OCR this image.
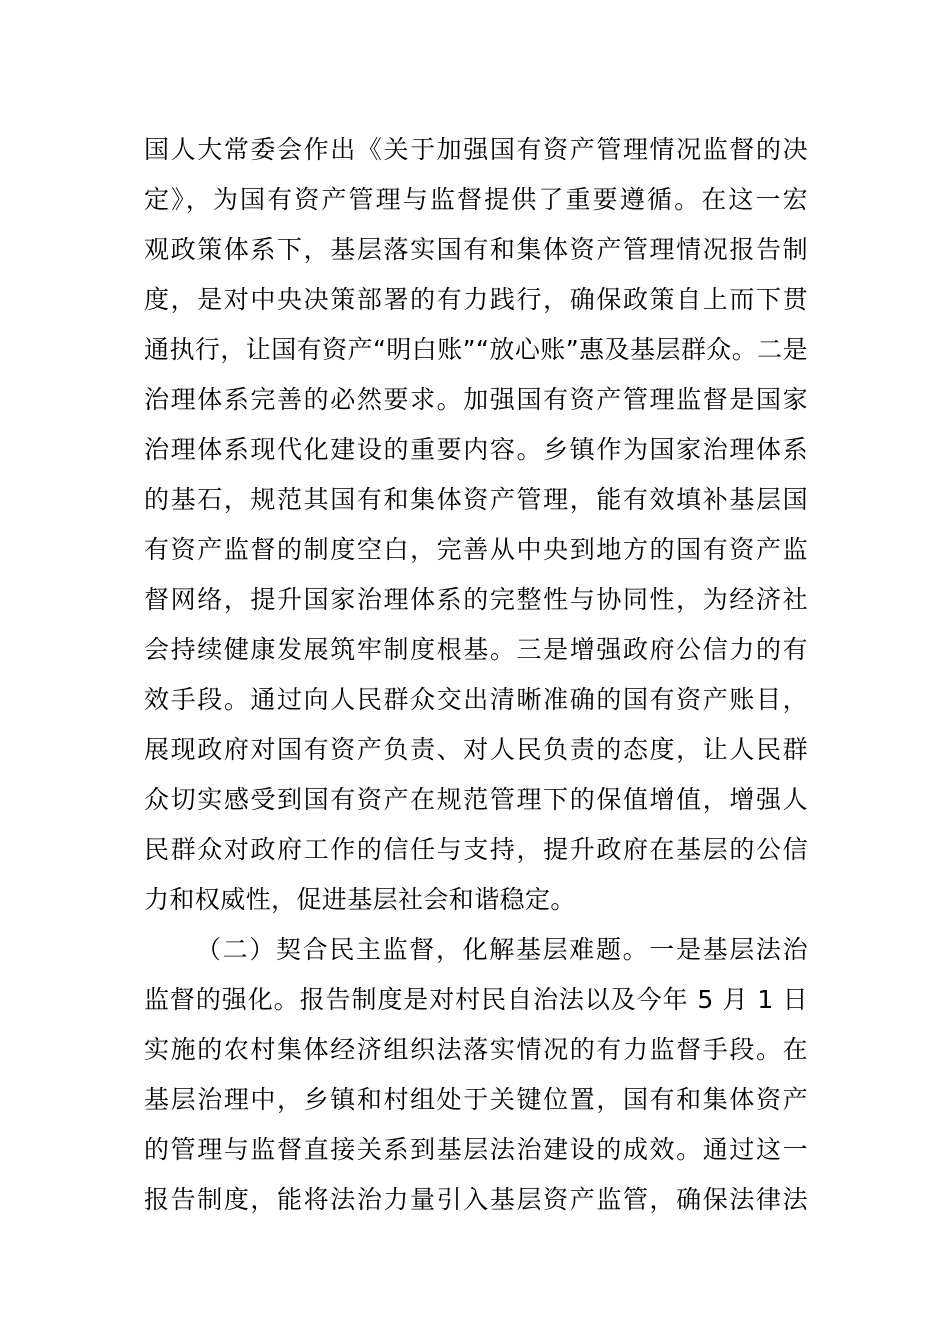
国人大常委会作出《关于加强国有资产管理情况监督的决
定》，为国有资产管理与监督提供了重要遵循。在这一宏
观政策体系下，基层落实国有和集体资产管理情况报告制
度，是对中央决策部署的有力践行，确保政策自上而下贯
通执行，让国有资产“明白账”“放心账”惠及基层群众。二是
治理体系完善的必然要求。加强国有资产管理监督是国家
治理体系现代化建设的重要内容。乡镇作为国家治理体系
的基石，规范其国有和集体资产管理，能有效填补基层国
有资产监督的制度空白，完善从中央到地方的国有资产监
督网络，提升国家治理体系的完整性与协同性，为经济社
会持续健康发展筑牢制度根基。三是增强政府公信力的有
效手段。通过向人民群众交出清晰准确的国有资产账目，
展现政府对国有资产负责、对人民负责的态度，让人民群
众切实感受到国有资产在规范管理下的保值增值，增强人
民群众对政府工作的信任与支持，提升政府在基层的公信
力和权威性，促进基层社会和谐稳定。
（二）契合民主监督，化解基层难题。一是基层法治
监督的强化。报告制度是对村民自治法以及今年 5 月 1 日
实施的农村集体经济组织法落实情况的有力监督手段。在
基层治理中，乡镇和村组处于关键位置，国有和集体资产
的管理与监督直接关系到基层法治建设的成效。通过这一
报告制度，能将法治力量引入基层资产监管，确保法律法
